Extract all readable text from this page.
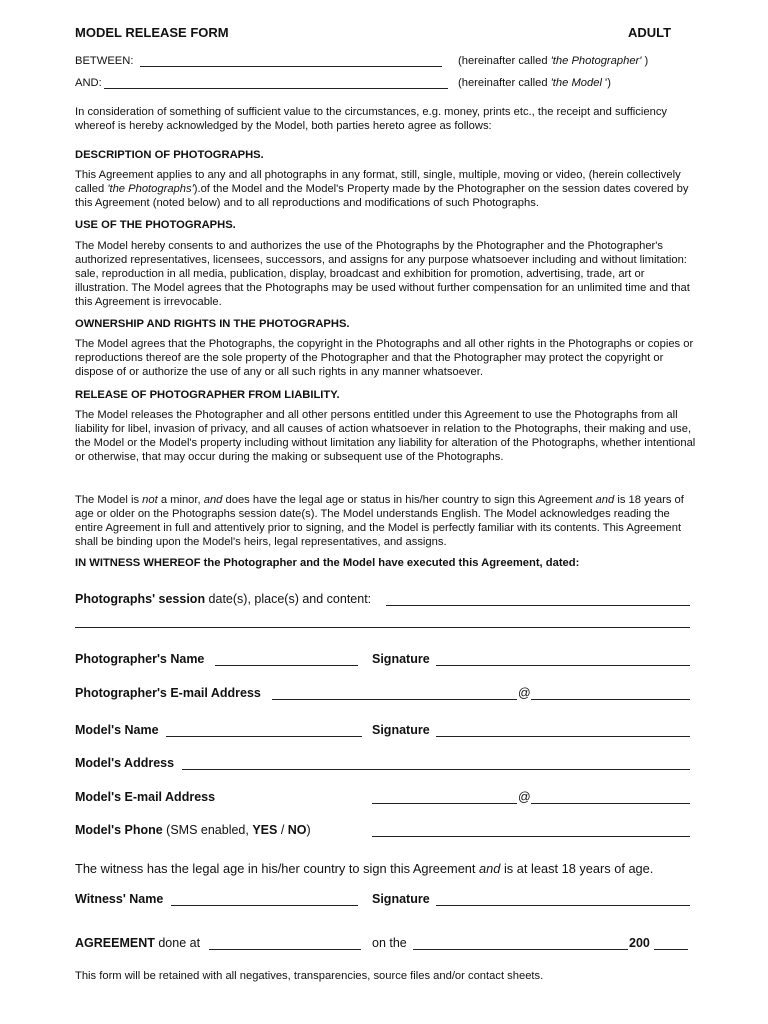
MODEL RELEASE FORM	ADULT
BETWEEN:	(hereinafter called 'the Photographer' )
AND:	(hereinafter called 'the Model ')
In consideration of something of sufficient value to the circumstances, e.g. money, prints etc., the receipt and sufficiency whereof is hereby acknowledged by the Model, both parties hereto agree as follows:
DESCRIPTION OF PHOTOGRAPHS.
This Agreement applies to any and all photographs in any format, still, single, multiple, moving or video, (herein collectively called 'the Photographs').of the Model and the Model's Property made by the Photographer on the session dates covered by this Agreement (noted below) and to all reproductions and modifications of such Photographs.
USE OF THE PHOTOGRAPHS.
The Model hereby consents to and authorizes the use of the Photographs by the Photographer and the Photographer's authorized representatives, licensees, successors, and assigns for any purpose whatsoever including and without limitation: sale, reproduction in all media, publication, display, broadcast and exhibition for promotion, advertising, trade, art or illustration. The Model agrees that the Photographs may be used without further compensation for an unlimited time and that this Agreement is irrevocable.
OWNERSHIP AND RIGHTS IN THE PHOTOGRAPHS.
The Model agrees that the Photographs, the copyright in the Photographs and all other rights in the Photographs or copies or reproductions thereof are the sole property of the Photographer and that the Photographer may protect the copyright or dispose of or authorize the use of any or all such rights in any manner whatsoever.
RELEASE OF PHOTOGRAPHER FROM LIABILITY.
The Model releases the Photographer and all other persons entitled under this Agreement to use the Photographs from all liability for libel, invasion of privacy, and all causes of action whatsoever in relation to the Photographs, their making and use, the Model or the Model's property including without limitation any liability for alteration of the Photographs, whether intentional or otherwise, that may occur during the making or subsequent use of the Photographs.
The Model is not a minor, and does have the legal age or status in his/her country to sign this Agreement and is 18 years of age or older on the Photographs session date(s). The Model understands English. The Model acknowledges reading the entire Agreement in full and attentively prior to signing, and the Model is perfectly familiar with its contents. This Agreement shall be binding upon the Model's heirs, legal representatives, and assigns.
IN WITNESS WHEREOF the Photographer and the Model have executed this Agreement, dated:
Photographs' session date(s), place(s) and content:
Photographer's Name	Signature
Photographer's E-mail Address	@
Model's Name	Signature
Model's Address
Model's E-mail Address	@
Model's Phone (SMS enabled, YES / NO)
The witness has the legal age in his/her country to sign this Agreement and is at least 18 years of age.
Witness' Name	Signature
AGREEMENT done at	on the	200
This form will be retained with all negatives, transparencies, source files and/or contact sheets.
